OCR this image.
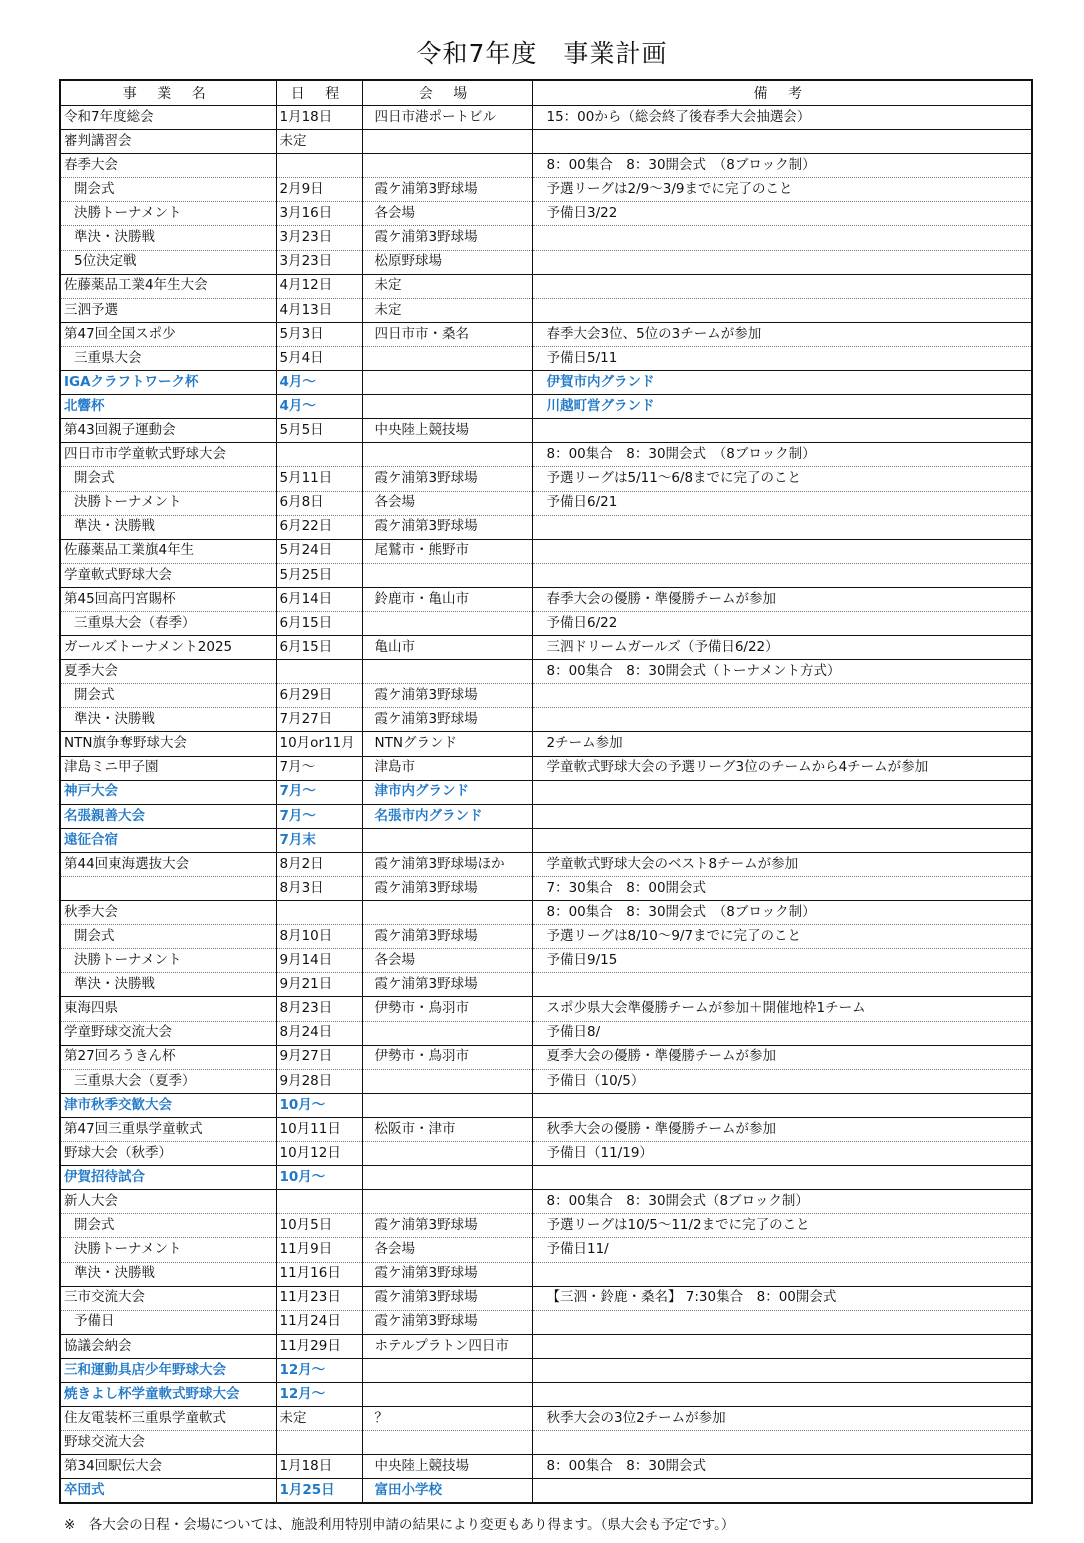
令和7年度　事業計画
事 業 名	日 程	会 場	備 考
令和7年度総会	1月18日	四日市港ポートビル	15：00から（総会終了後春季大会抽選会）
審判講習会	未定		
春季大会			8：00集合　8：30開会式　（8ブロック制）
開会式	2月9日	霞ケ浦第3野球場	予選リーグは2/9～3/9までに完了のこと
決勝トーナメント	3月16日	各会場	予備日3/22
準決・決勝戦	3月23日	霞ケ浦第3野球場	
5位決定戦	3月23日	松原野球場	
佐藤薬品工業4年生大会	4月12日	未定	
三泗予選	4月13日	未定	
第47回全国スポ少	5月3日	四日市市・桑名	春季大会3位、5位の3チームが参加
三重県大会	5月4日		予備日5/11
IGAクラフトワーク杯	4月～		伊賀市内グランド
北響杯	4月～		川越町営グランド
第43回親子運動会	5月5日	中央陸上競技場	
四日市市学童軟式野球大会			8：00集合　8：30開会式　（8ブロック制）
開会式	5月11日	霞ケ浦第3野球場	予選リーグは5/11～6/8までに完了のこと
決勝トーナメント	6月8日	各会場	予備日6/21
準決・決勝戦	6月22日	霞ケ浦第3野球場	
佐藤薬品工業旗4年生	5月24日	尾鷲市・熊野市	
学童軟式野球大会	5月25日		
第45回高円宮賜杯	6月14日	鈴鹿市・亀山市	春季大会の優勝・準優勝チームが参加
三重県大会（春季）	6月15日		予備日6/22
ガールズトーナメント2025	6月15日	亀山市	三泗ドリームガールズ（予備日6/22）
夏季大会			8：00集合　8：30開会式（トーナメント方式）
開会式	6月29日	霞ケ浦第3野球場	
準決・決勝戦	7月27日	霞ケ浦第3野球場	
NTN旗争奪野球大会	10月or11月	NTNグランド	2チーム参加
津島ミニ甲子園	7月～	津島市	学童軟式野球大会の予選リーグ3位のチームから4チームが参加
神戸大会	7月～	津市内グランド	
名張親善大会	7月～	名張市内グランド	
遠征合宿	7月末		
第44回東海選抜大会	8月2日	霞ケ浦第3野球場ほか	学童軟式野球大会のベスト8チームが参加
	8月3日	霞ケ浦第3野球場	7：30集合　8：00開会式
秋季大会			8：00集合　8：30開会式　（8ブロック制）
開会式	8月10日	霞ケ浦第3野球場	予選リーグは8/10～9/7までに完了のこと
決勝トーナメント	9月14日	各会場	予備日9/15
準決・決勝戦	9月21日	霞ケ浦第3野球場	
東海四県	8月23日	伊勢市・鳥羽市	スポ少県大会準優勝チームが参加＋開催地枠1チーム
学童野球交流大会	8月24日		予備日8/
第27回ろうきん杯	9月27日	伊勢市・鳥羽市	夏季大会の優勝・準優勝チームが参加
三重県大会（夏季）	9月28日		予備日（10/5）
津市秋季交歓大会	10月～		
第47回三重県学童軟式	10月11日	松阪市・津市	秋季大会の優勝・準優勝チームが参加
野球大会（秋季）	10月12日		予備日（11/19）
伊賀招待試合	10月～		
新人大会			8：00集合　8：30開会式（8ブロック制）
開会式	10月5日	霞ケ浦第3野球場	予選リーグは10/5～11/2までに完了のこと
決勝トーナメント	11月9日	各会場	予備日11/
準決・決勝戦	11月16日	霞ケ浦第3野球場	
三市交流大会	11月23日	霞ケ浦第3野球場	【三泗・鈴鹿・桑名】 7:30集合　8：00開会式
予備日	11月24日	霞ケ浦第3野球場	
協議会納会	11月29日	ホテルプラトン四日市	
三和運動具店少年野球大会	12月～		
焼きよし杯学童軟式野球大会	12月～		
住友電装杯三重県学童軟式	未定	？	秋季大会の3位2チームが参加
野球交流大会			
第34回駅伝大会	1月18日	中央陸上競技場	8：00集合　8：30開会式
卒団式	1月25日	富田小学校	
※　各大会の日程・会場については、施設利用特別申請の結果により変更もあり得ます。（県大会も予定です。）
